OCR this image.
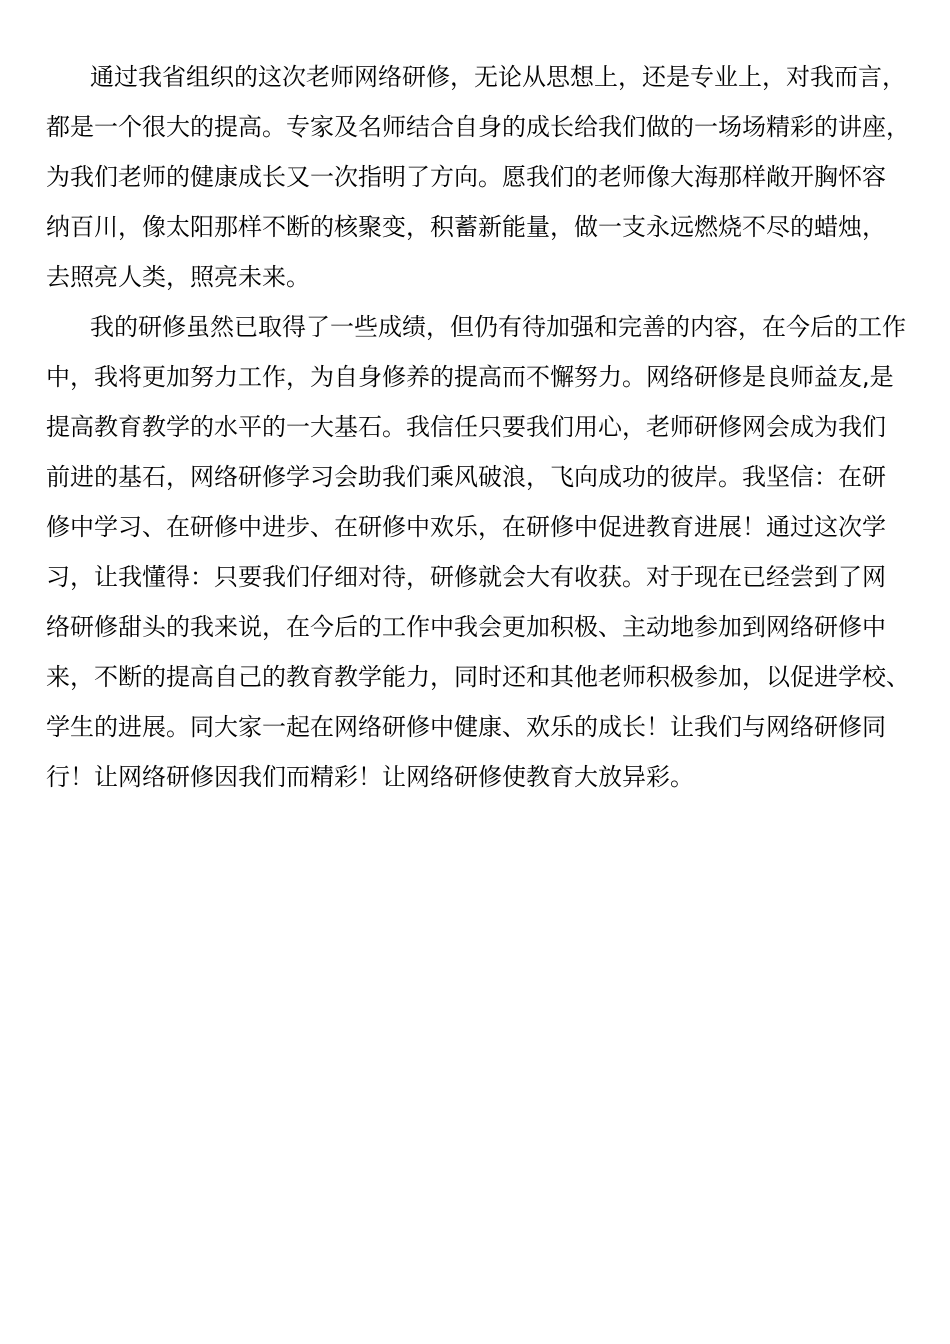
通过我省组织的这次老师网络研修，无论从思想上，还是专业上，对我而言，
都是一个很大的提高。专家及名师结合自身的成长给我们做的一场场精彩的讲座，
为我们老师的健康成长又一次指明了方向。愿我们的老师像大海那样敞开胸怀容
纳百川，像太阳那样不断的核聚变，积蓄新能量，做一支永远燃烧不尽的蜡烛，
去照亮人类，照亮未来。
我的研修虽然已取得了一些成绩，但仍有待加强和完善的内容，在今后的工作
中，我将更加努力工作，为自身修养的提高而不懈努力。网络研修是良师益友,是
提高教育教学的水平的一大基石。我信任只要我们用心，老师研修网会成为我们
前进的基石，网络研修学习会助我们乘风破浪，飞向成功的彼岸。我坚信：在研
修中学习、在研修中进步、在研修中欢乐，在研修中促进教育进展！通过这次学
习，让我懂得：只要我们仔细对待，研修就会大有收获。对于现在已经尝到了网
络研修甜头的我来说，在今后的工作中我会更加积极、主动地参加到网络研修中
来，不断的提高自己的教育教学能力，同时还和其他老师积极参加，以促进学校、
学生的进展。同大家一起在网络研修中健康、欢乐的成长！让我们与网络研修同
行！让网络研修因我们而精彩！让网络研修使教育大放异彩。
